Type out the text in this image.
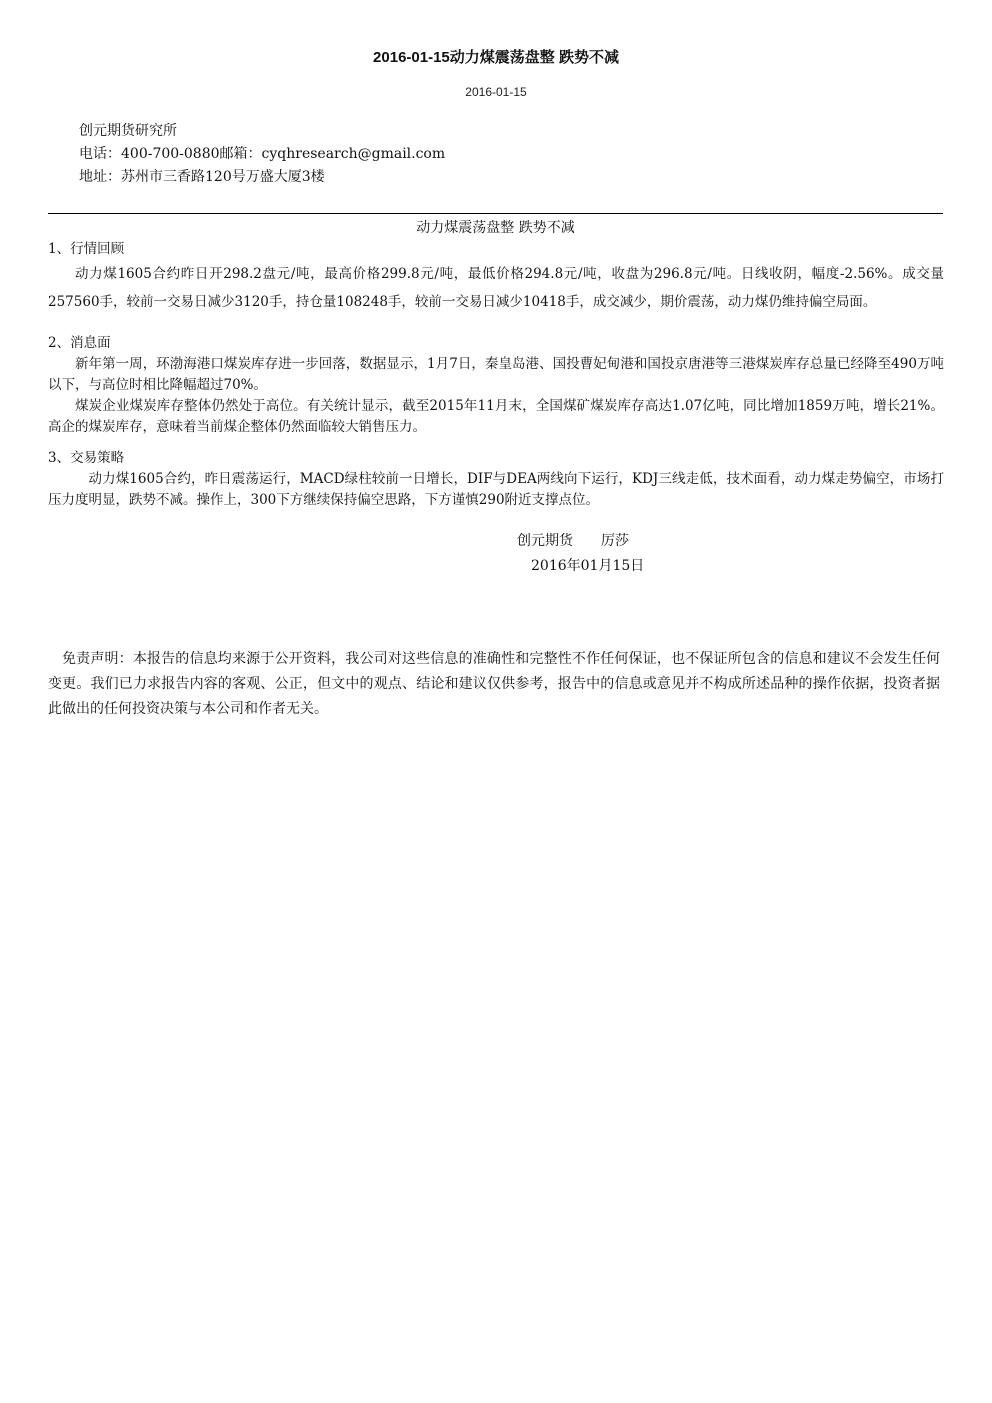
2016-01-15动力煤震荡盘整 跌势不减
2016-01-15
创元期货研究所
电话：400-700-0880邮箱：cyqhresearch@gmail.com
地址：苏州市三香路120号万盛大厦3楼
动力煤震荡盘整 跌势不减
1、行情回顾
动力煤1605合约昨日开298.2盘元/吨，最高价格299.8元/吨，最低价格294.8元/吨，收盘为296.8元/吨。日线收阴，幅度-2.56%。成交量257560手，较前一交易日减少3120手，持仓量108248手，较前一交易日减少10418手，成交减少，期价震荡，动力煤仍维持偏空局面。
2、消息面
新年第一周，环渤海港口煤炭库存进一步回落，数据显示，1月7日，秦皇岛港、国投曹妃甸港和国投京唐港等三港煤炭库存总量已经降至490万吨以下，与高位时相比降幅超过70%。
煤炭企业煤炭库存整体仍然处于高位。有关统计显示，截至2015年11月末，全国煤矿煤炭库存高达1.07亿吨，同比增加1859万吨，增长21%。高企的煤炭库存，意味着当前煤企整体仍然面临较大销售压力。
3、交易策略
动力煤1605合约，昨日震荡运行，MACD绿柱较前一日增长，DIF与DEA两线向下运行，KDJ三线走低，技术面看，动力煤走势偏空，市场打压力度明显，跌势不减。操作上，300下方继续保持偏空思路，下方谨慎290附近支撑点位。
创元期货　　厉莎
2016年01月15日
免责声明：本报告的信息均来源于公开资料，我公司对这些信息的准确性和完整性不作任何保证，也不保证所包含的信息和建议不会发生任何变更。我们已力求报告内容的客观、公正，但文中的观点、结论和建议仅供参考，报告中的信息或意见并不构成所述品种的操作依据，投资者据此做出的任何投资决策与本公司和作者无关。
